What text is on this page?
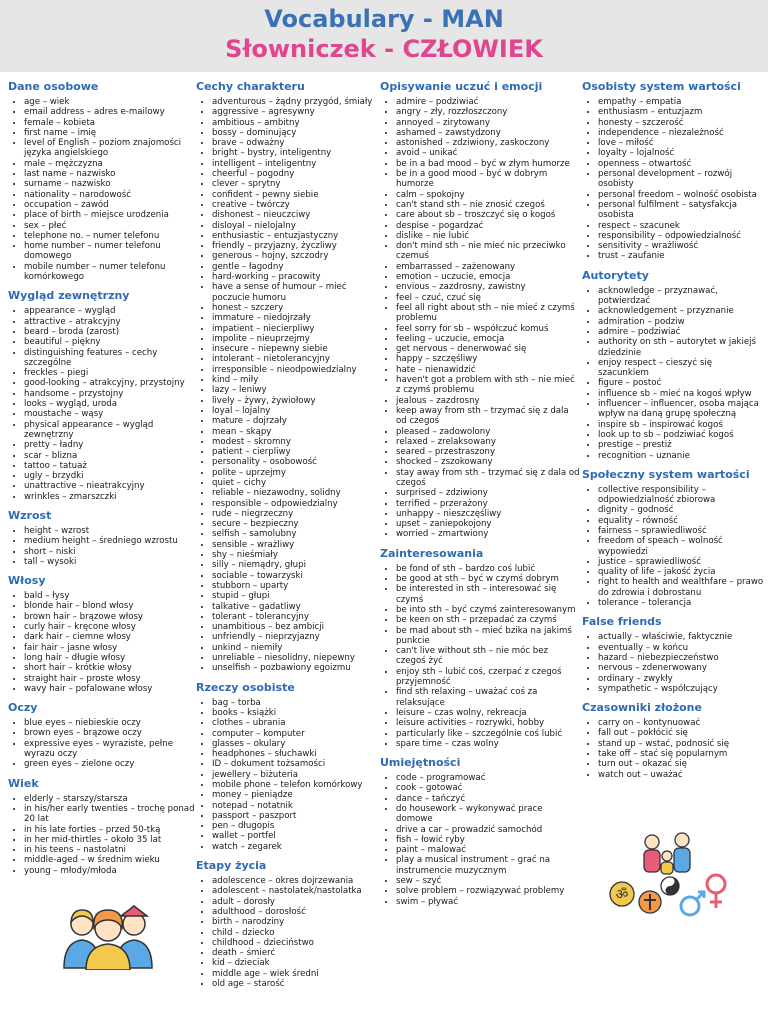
Vocabulary - MAN
Słowniczek - CZŁOWIEK
Dane osobowe
• age – wiek
• email address – adres e-mailowy
• female – kobieta
• first name – imię
• level of English – poziom znajomości języka angielskiego
• male – mężczyzna
• last name – nazwisko
• surname – nazwisko
• nationality – narodowość
• occupation – zawód
• place of birth – miejsce urodzenia
• sex – płeć
• telephone no. – numer telefonu
• home number – numer telefonu domowego
• mobile number – numer telefonu komórkowego
Wygląd zewnętrzny
• appearance – wygląd
• attractive – atrakcyjny
• beard – broda (zarost)
• beautiful – piękny
• distinguishing features – cechy szczególne
• freckles – piegi
• good-looking – atrakcyjny, przystojny
• handsome – przystojny
• looks – wygląd, uroda
• moustache – wąsy
• physical appearance – wygląd zewnętrzny
• pretty – ładny
• scar – blizna
• tattoo – tatuaż
• ugly – brzydki
• unattractive – nieatrakcyjny
• wrinkles – zmarszczki
Wzrost
• height – wzrost
• medium height – średniego wzrostu
• short – niski
• tall – wysoki
Włosy
• bald – łysy
• blonde hair – blond włosy
• brown hair – brązowe włosy
• curly hair – kręcone włosy
• dark hair – ciemne włosy
• fair hair – jasne włosy
• long hair – długie włosy
• short hair – krótkie włosy
• straight hair – proste włosy
• wavy hair – pofalowane włosy
Oczy
• blue eyes – niebieskie oczy
• brown eyes – brązowe oczy
• expressive eyes – wyraziste, pełne wyrazu oczy
• green eyes – zielone oczy
Wiek
• elderly – starszy/starsza
• in his/her early twenties – trochę ponad 20 lat
• in his late forties – przed 50-tką
• in her mid-thirtles – około 35 lat
• in his teens – nastolatni
• middle-aged – w średnim wieku
• young – młody/młoda
Cechy charakteru
• adventurous – żądny przygód, śmiały
• aggressive – agresywny
• ambitious – ambitny
• bossy – dominujący
• brave – odważny
• bright – bystry, inteligentny
• intelligent – inteligentny
• cheerful – pogodny
• clever – sprytny
• confident – pewny siebie
• creative – twórczy
• dishonest – nieuczciwy
• disloyal – nielojalny
• enthusiastic – entuzjastyczny
• friendly – przyjazny, życzliwy
• generous – hojny, szczodry
• gentle – łagodny
• hard-working – pracowity
• have a sense of humour – mieć poczucie humoru
• honest – szczery
• immature – niedojrzały
• impatient – niecierpliwy
• impolite – nieuprzejmy
• insecure – niepewny siebie
• intolerant – nietolerancyjny
• irresponsible – nieodpowiedzialny
• kind – miły
• lazy – leniwy
• lively – żywy, żywiołowy
• loyal – lojalny
• mature – dojrzały
• mean – skąpy
• modest – skromny
• patient – cierpliwy
• personality – osobowość
• polite – uprzejmy
• quiet – cichy
• reliable – niezawodny, solidny
• responsible – odpowiedzialny
• rude – niegrzeczny
• secure – bezpieczny
• selfish – samolubny
• sensible – wrażliwy
• shy – nieśmiały
• silly – niemądry, głupi
• sociable – towarzyski
• stubborn – uparty
• stupid – głupi
• talkative – gadatliwy
• tolerant – tolerancyjny
• unambitious – bez ambicji
• unfriendly – nieprzyjazny
• unkind – niemiły
• unreliable – niesolidny, niepewny
• unselfish – pozbawiony egoizmu
Rzeczy osobiste
• bag – torba
• books – książki
• clothes – ubrania
• computer – komputer
• glasses – okulary
• headphones – słuchawki
• ID – dokument tożsamości
• jewellery – biżuteria
• mobile phone – telefon komórkowy
• money – pieniądze
• notepad – notatnik
• passport – paszport
• pen – długopis
• wallet – portfel
• watch – zegarek
Etapy życia
• adolescence – okres dojrzewania
• adolescent – nastolatek/nastolatka
• adult – dorosły
• adulthood – dorosłość
• birth – narodziny
• child – dziecko
• childhood – dzieciństwo
• death – śmierć
• kid – dzieciak
• middle age – wiek średni
• old age – starość
Opisywanie uczuć i emocji
• admire – podziwiać
• angry – zły, rozzłoszczony
• annoyed – zirytowany
• ashamed – zawstydzony
• astonished – zdziwiony, zaskoczony
• avoid – unikać
• be in a bad mood – być w złym humorze
• be in a good mood – być w dobrym humorze
• calm – spokojny
• can't stand sth – nie znosić czegoś
• care about sb – troszczyć się o kogoś
• despise – pogardzać
• dislike – nie lubić
• don't mind sth – nie mieć nic przeciwko czemuś
• embarrassed – zażenowany
• emotion – uczucie, emocja
• envious – zazdrosny, zawistny
• feel – czuć, czuć się
• feel all right about sth – nie mieć z czymś problemu
• feel sorry for sb – współczuć komuś
• feeling – uczucie, emocja
• get nervous – denerwować się
• happy – szczęśliwy
• hate – nienawidzić
• haven't got a problem with sth – nie mieć z czymś problemu
• jealous – zazdrosny
• keep away from sth – trzymać się z dala od czegoś
• pleased – zadowolony
• relaxed – zrelaksowany
• seared – przestraszony
• shocked – zszokowany
• stay away from sth – trzymać się z dala od czegoś
• surprised – zdziwiony
• terrified – przerażony
• unhappy – nieszczęśliwy
• upset – zaniepokojony
• worried – zmartwiony
Zainteresowania
• be fond of sth – bardzo coś lubić
• be good at sth – być w czymś dobrym
• be interested in sth – interesować się czymś
• be into sth – być czymś zainteresowanym
• be keen on sth – przepadać za czymś
• be mad about sth – mieć bzika na jakimś punkcie
• can't live without sth – nie móc bez czegoś żyć
• enjoy sth – lubić coś, czerpać z czegoś przyjemność
• find sth relaxing – uważać coś za relaksujące
• leisure – czas wolny, rekreacja
• leisure activities – rozrywki, hobby
• particularly like – szczególnie coś lubić
• spare time – czas wolny
Umiejętności
• code – programować
• cook – gotować
• dance – tańczyć
• do housework – wykonywać prace domowe
• drive a car – prowadzić samochód
• fish – łowić ryby
• paint – malować
• play a musical instrument – grać na instrumencie muzycznym
• sew – szyć
• solve problem – rozwiązywać problemy
• swim – pływać
Osobisty system wartości
• empathy – empatia
• enthusiasm – entuzjazm
• honesty – szczerość
• independence – niezależność
• love – miłość
• loyalty – lojalność
• openness – otwartość
• personal development – rozwój osobisty
• personal freedom – wolność osobista
• personal fulfilment – satysfakcja osobista
• respect – szacunek
• responsibility – odpowiedzialność
• sensitivity – wrażliwość
• trust – zaufanie
Autorytety
• acknowledge – przyznawać, potwierdzać
• acknowledgement – przyznanie
• admiration – podziw
• admire – podziwiać
• authority on sth – autorytet w jakiejś dziedzinie
• enjoy respect – cieszyć się szacunkiem
• figure – postoć
• influence sb – mieć na kogoś wpływ
• influencer – influencer, osoba mająca wpływ na daną grupę społeczną
• inspire sb – inspirować kogoś
• look up to sb – podziwiać kogoś
• prestige – prestiż
• recognition – uznanie
Społeczny system wartości
• collective responsibility – odpowiedzialność zbiorowa
• dignity – godność
• equality – równość
• fairness – sprawiedliwość
• freedom of speach – wolność wypowiedzi
• justice – sprawiedliwość
• quality of life – jakość życia
• right to health and wealthfare – prawo do zdrowia i dobrostanu
• tolerance – tolerancja
False friends
• actually – właściwie, faktycznie
• eventually – w końcu
• hazard – niebezpieczeństwo
• nervous – zdenerwowany
• ordinary – zwykły
• sympathetic – współczujący
Czasowniki złożone
• carry on – kontynuować
• fall out – pokłócić się
• stand up – wstać, podnosić się
• take off – stać się popularnym
• turn out – okazać się
• watch out – uważać
ॐ
